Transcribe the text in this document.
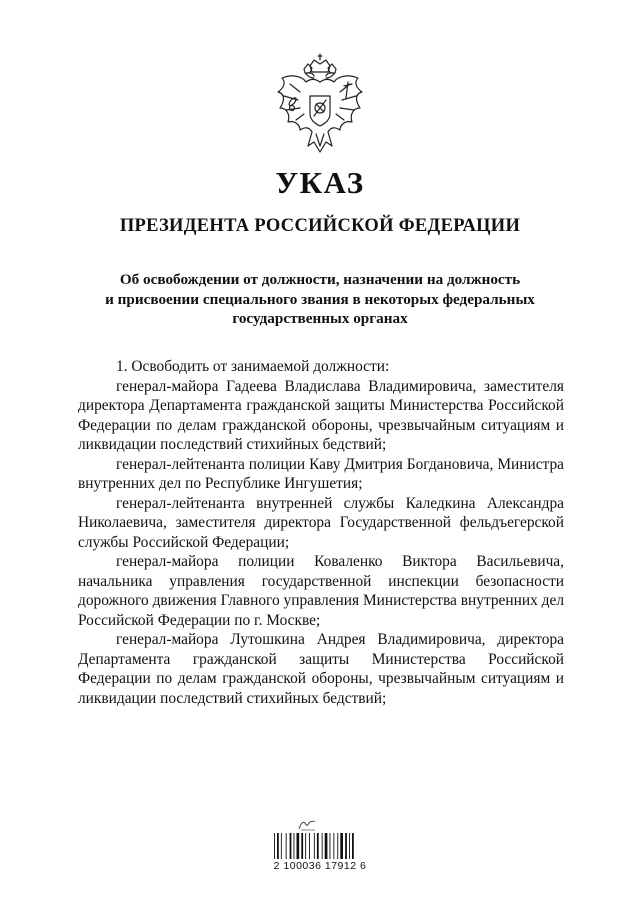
УКАЗ
ПРЕЗИДЕНТА РОССИЙСКОЙ ФЕДЕРАЦИИ
Об освобождении от должности, назначении на должность
и присвоении специального звания в некоторых федеральных
государственных органах

1. Освободить от занимаемой должности:

генерал-майора Гадеева Владислава Владимировича, заместителя директора Департамента гражданской защиты Министерства Российской Федерации по делам гражданской обороны, чрезвычайным ситуациям и ликвидации последствий стихийных бедствий;

генерал-лейтенанта полиции Каву Дмитрия Богдановича, Министра внутренних дел по Республике Ингушетия;

генерал-лейтенанта внутренней службы Каледкина Александра Николаевича, заместителя директора Государственной фельдъегерской службы Российской Федерации;

генерал-майора полиции Коваленко Виктора Васильевича, начальника управления государственной инспекции безопасности дорожного движения Главного управления Министерства внутренних дел Российской Федерации по г. Москве;

генерал-майора Лутошкина Андрея Владимировича, директора Департамента гражданской защиты Министерства Российской Федерации по делам гражданской обороны, чрезвычайным ситуациям и ликвидации последствий стихийных бедствий;

2 100036 17912 6
